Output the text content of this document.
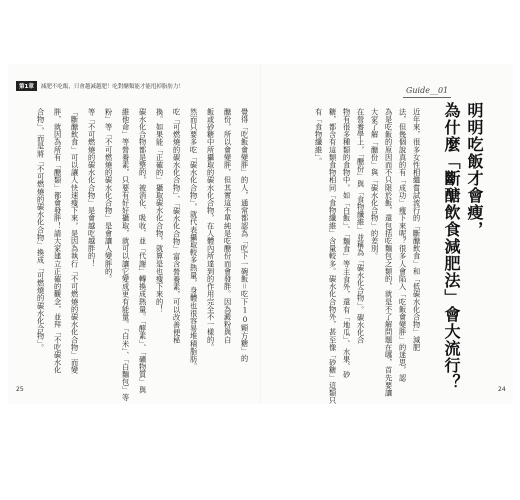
第1章	減肥不吃飯，只會越減越肥！吃對醣類能才能甩掉脂肪力！
覺得「吃飯會變胖」的人，通常都認為「吃下一碗飯＝吃下10顆方糖」的
醣份，所以會變胖，但其實這不單純是吃醣份而會發胖。因為澱粉與白
飯或砂糖中所攝取的碳水化合物，在人體內所達到的作用完全不一樣的。
然而只要多吃「碳水化合物」，就代表攝取較多熱量，身體也很容易堆積脂肪。
吃「可燃燒的碳水化合物」、「碳水化合物」富含營養素，可以改善便秘
換。如果能「正確的」攝取碳水化合物，就算是也瘦下來的！
碳水化合物都是整的，被消化、吸收、並「代謝」轉換成熱量。「酵素」、「礦物質」與
維他命」等營養素，只要有好好攝取，就可以讓它變成更有能量。「白米」、「白麵包」等
粉」等「不可燃燒的碳水化合物」是會讓人變胖的。
等「不可燃燒的碳水化合物」是會越吃越胖的！
「斷醣飲食」可以讓人快速瘦下來，是因為執行「不可燃燒的碳水化合物」而變
胖，就因為所有「醣類」都會發胖！請大家建立正確的觀念，並拜「不吃碳水化
合物」，而是將「不可燃燒的碳水化合物」換成「可燃燒的碳水化合物」。
25
Guide__01
明明吃飯才會瘦，
為什麼「斷醣飲食減肥法」會大流行？
近年來，很多女性相繼嘗試流行的「斷醣飲食」和「低碳水化合物」減肥
法，但幾個說真的有「成功」瘦下來呢？很多人會陷入「吃飯會變胖」的迷思，認
為是吃飯的原因而不只限於飯，還包括吃麵包之類的，就是不了解問題在哪，首先要讓
大家了解「醣份」與「碳水化合物」的差別。
在營養學上，「醣份」與「食物纖維」並稱為「碳水化合物」。碳水化合
物有很多種類的食物中，如「白飯」、「麵食」等主食外，還有「地瓜」、水果、砂
糖，都含有這類食物相同「食物纖維」含量較多。碳水化合物外，甚至像「砂糖」這類只
有「食物纖維」。
24
